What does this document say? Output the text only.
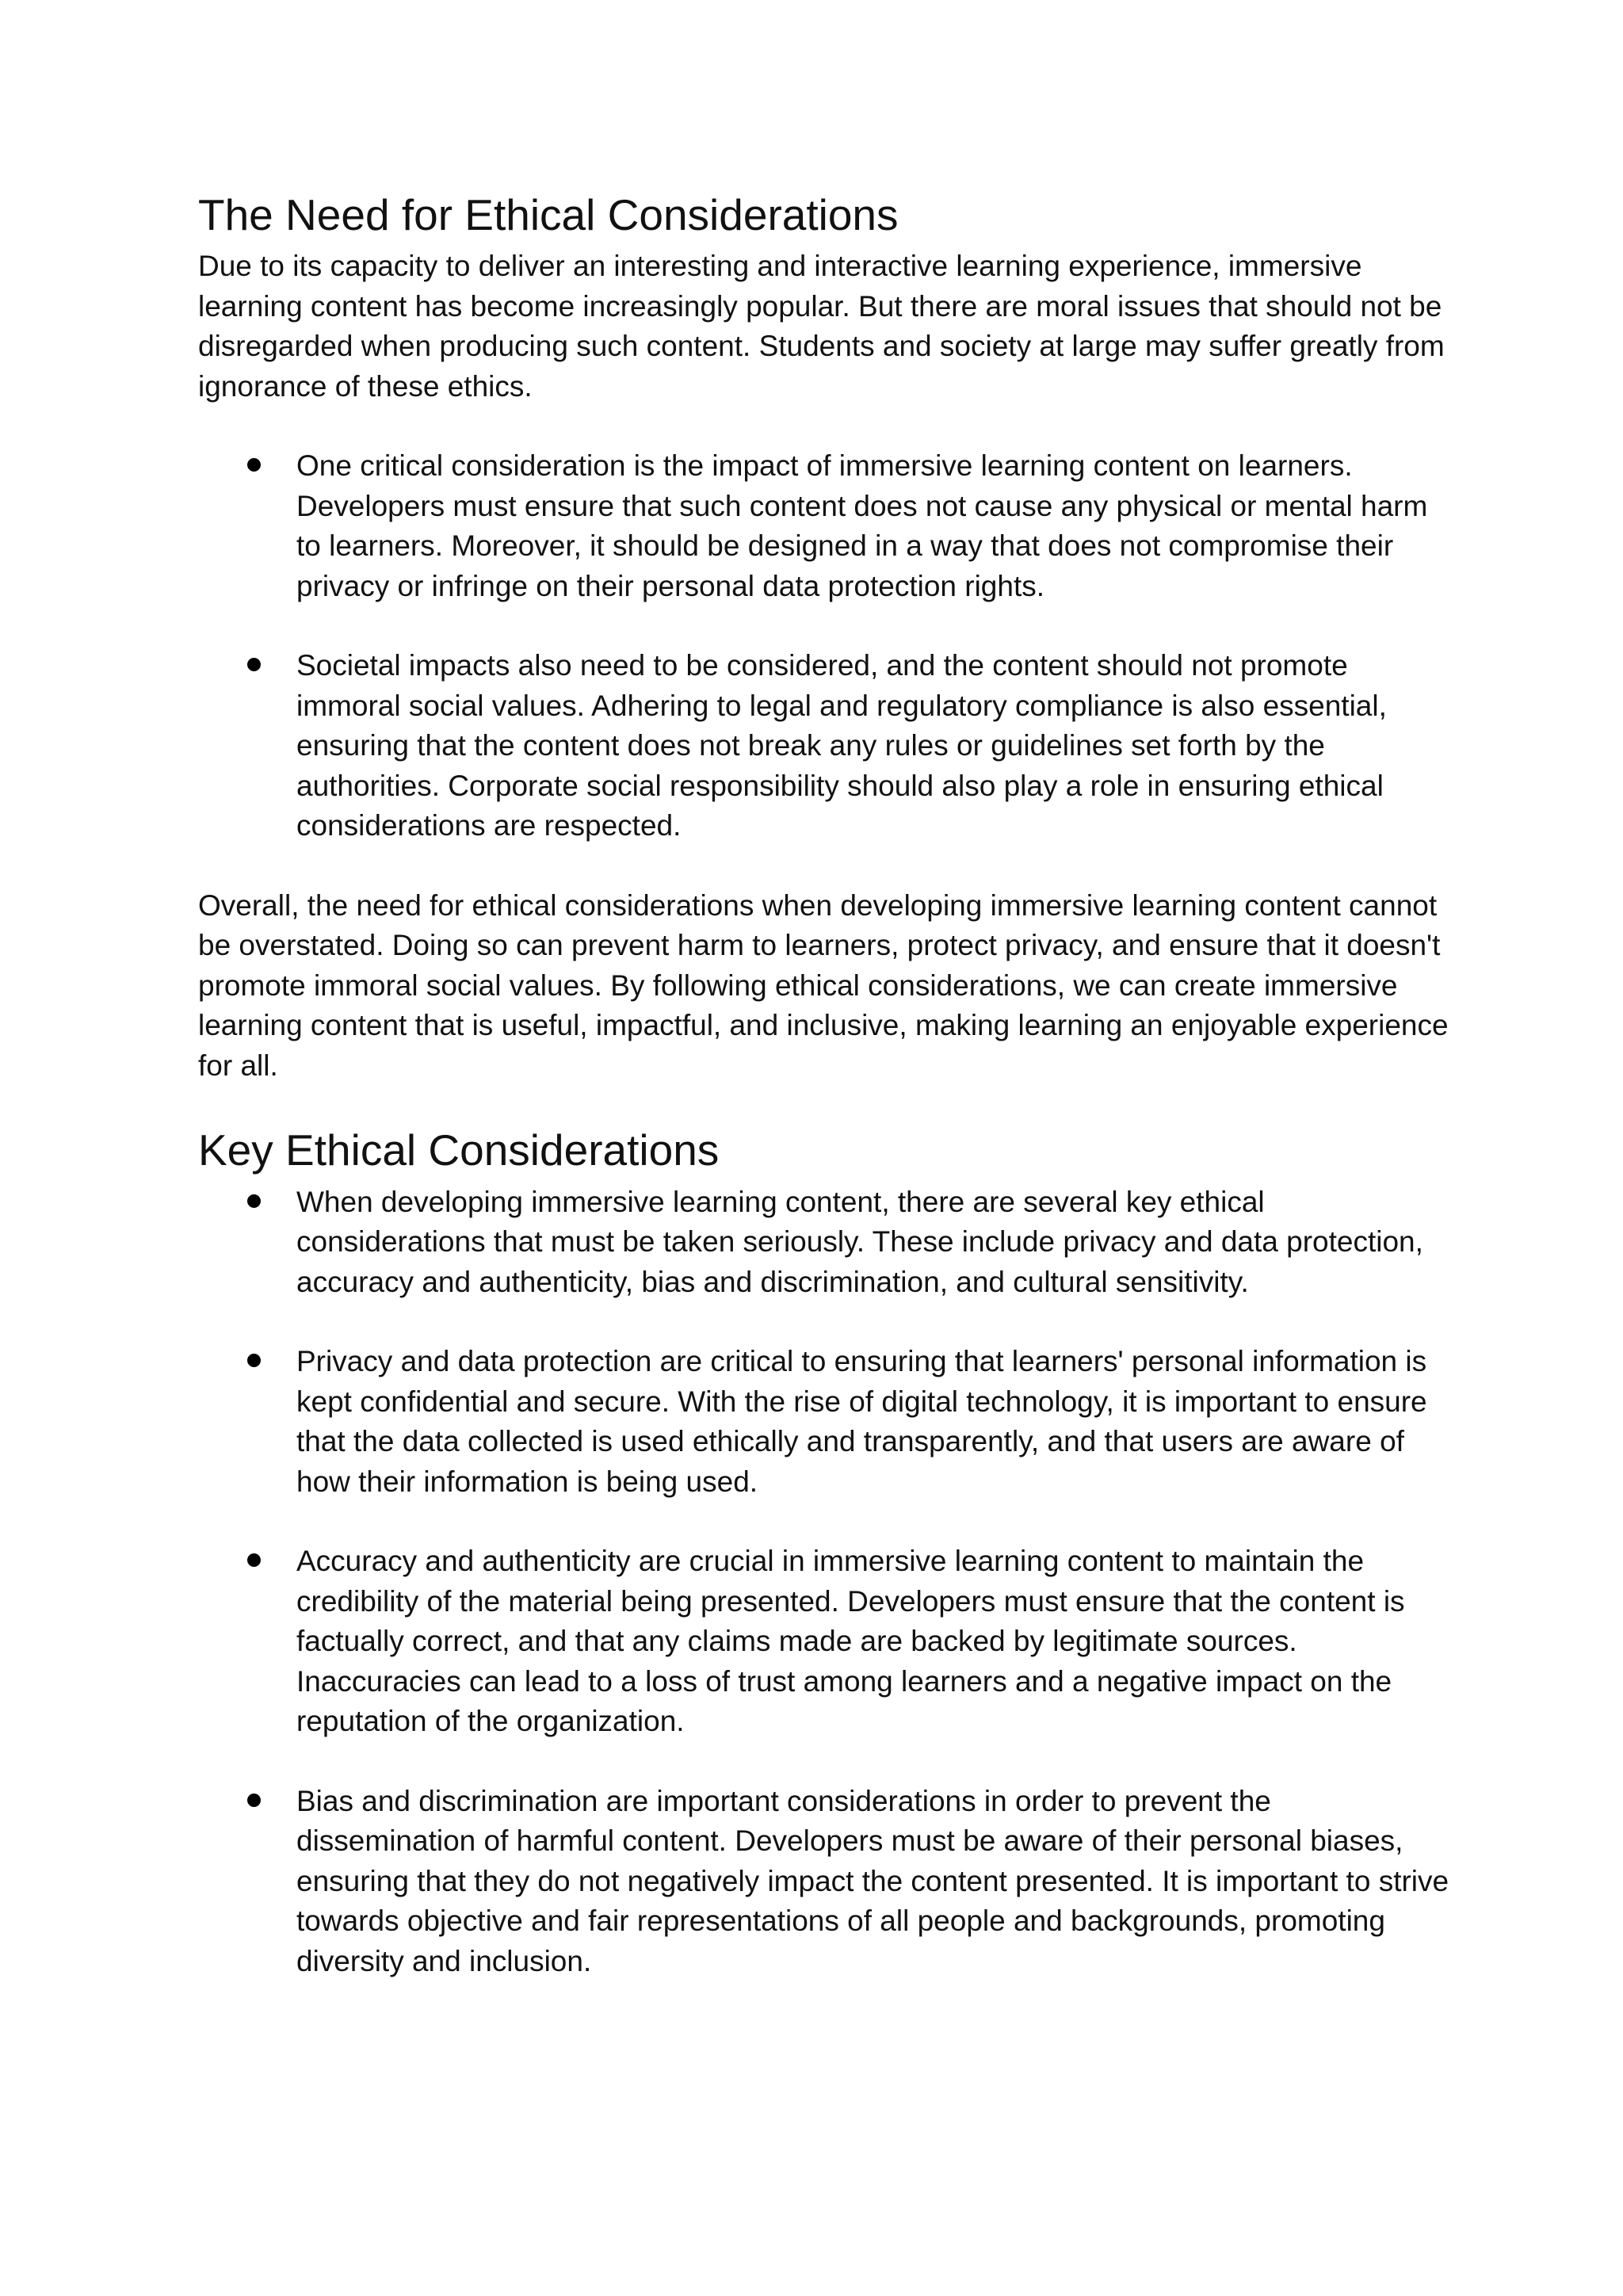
The Need for Ethical Considerations

Due to its capacity to deliver an interesting and interactive learning experience, immersive learning content has become increasingly popular. But there are moral issues that should not be disregarded when producing such content. Students and society at large may suffer greatly from ignorance of these ethics.

One critical consideration is the impact of immersive learning content on learners. Developers must ensure that such content does not cause any physical or mental harm to learners. Moreover, it should be designed in a way that does not compromise their privacy or infringe on their personal data protection rights.
Societal impacts also need to be considered, and the content should not promote immoral social values. Adhering to legal and regulatory compliance is also essential, ensuring that the content does not break any rules or guidelines set forth by the authorities. Corporate social responsibility should also play a role in ensuring ethical considerations are respected.

Overall, the need for ethical considerations when developing immersive learning content cannot be overstated. Doing so can prevent harm to learners, protect privacy, and ensure that it doesn't promote immoral social values. By following ethical considerations, we can create immersive learning content that is useful, impactful, and inclusive, making learning an enjoyable experience for all.

Key Ethical Considerations
When developing immersive learning content, there are several key ethical considerations that must be taken seriously. These include privacy and data protection, accuracy and authenticity, bias and discrimination, and cultural sensitivity.
Privacy and data protection are critical to ensuring that learners' personal information is kept confidential and secure. With the rise of digital technology, it is important to ensure that the data collected is used ethically and transparently, and that users are aware of how their information is being used.
Accuracy and authenticity are crucial in immersive learning content to maintain the credibility of the material being presented. Developers must ensure that the content is factually correct, and that any claims made are backed by legitimate sources. Inaccuracies can lead to a loss of trust among learners and a negative impact on the reputation of the organization.
Bias and discrimination are important considerations in order to prevent the dissemination of harmful content. Developers must be aware of their personal biases, ensuring that they do not negatively impact the content presented. It is important to strive towards objective and fair representations of all people and backgrounds, promoting diversity and inclusion.
